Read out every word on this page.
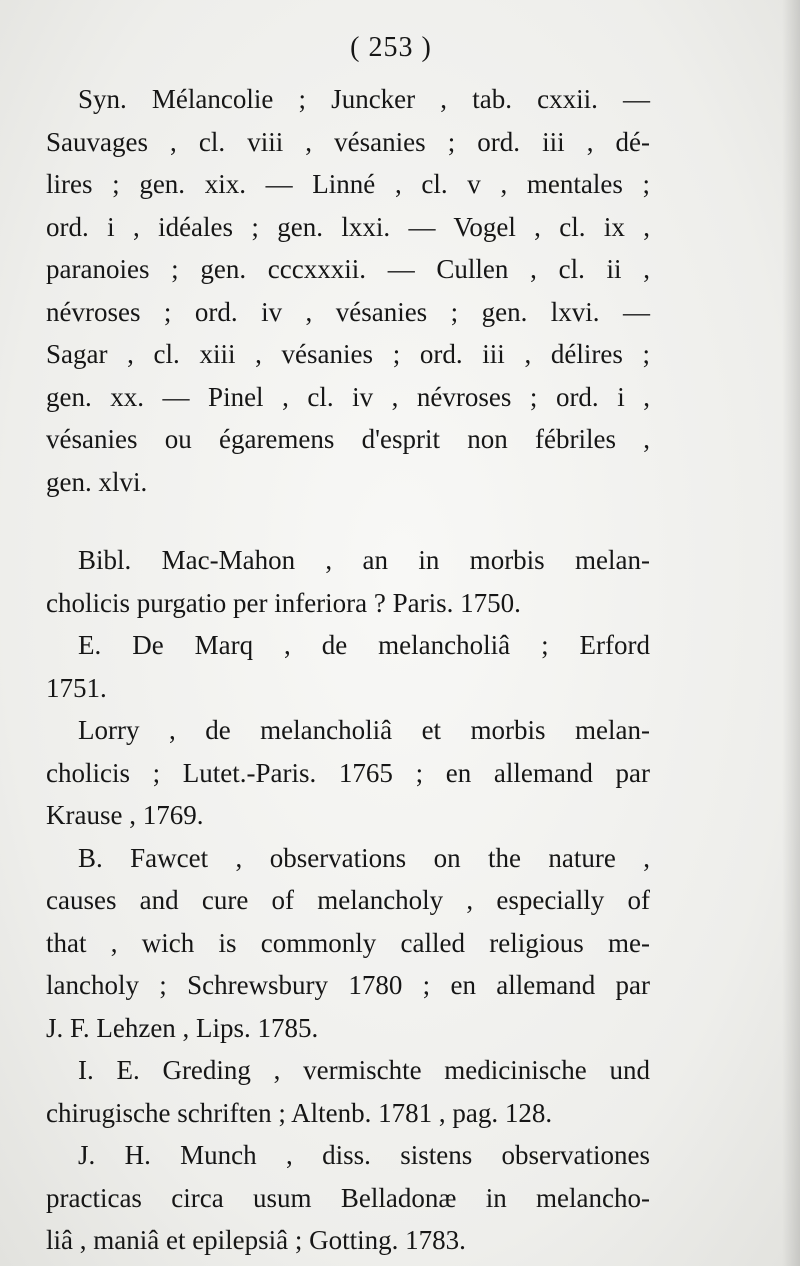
( 253 )

Syn. Mélancolie ; Juncker , tab. cxxii. —

Sauvages , cl. viii , vésanies ; ord. iii , dé-

lires ; gen. xix. — Linné , cl. v , mentales ;

ord. i , idéales ; gen. lxxi. — Vogel , cl. ix ,

paranoies ; gen. cccxxxii. — Cullen , cl. ii ,

névroses ; ord. iv , vésanies ; gen. lxvi. —

Sagar , cl. xiii , vésanies ; ord. iii , délires ;

gen. xx. — Pinel , cl. iv , névroses ; ord. i ,

vésanies ou égaremens d'esprit non fébriles ,

gen. xlvi.

Bibl. Mac-Mahon , an in morbis melan-

cholicis purgatio per inferiora ? Paris. 1750.

E. De Marq , de melancholiâ ; Erford

1751.

Lorry , de melancholiâ et morbis melan-

cholicis ; Lutet.-Paris. 1765 ; en allemand par

Krause , 1769.

B. Fawcet , observations on the nature ,

causes and cure of melancholy , especially of

that , wich is commonly called religious me-

lancholy ; Schrewsbury 1780 ; en allemand par

J. F. Lehzen , Lips. 1785.

I. E. Greding , vermischte medicinische und

chirugische schriften ; Altenb. 1781 , pag. 128.

J. H. Munch , diss. sistens observationes

practicas circa usum Belladonæ in melancho-

liâ , maniâ et epilepsiâ ; Gotting. 1783.
